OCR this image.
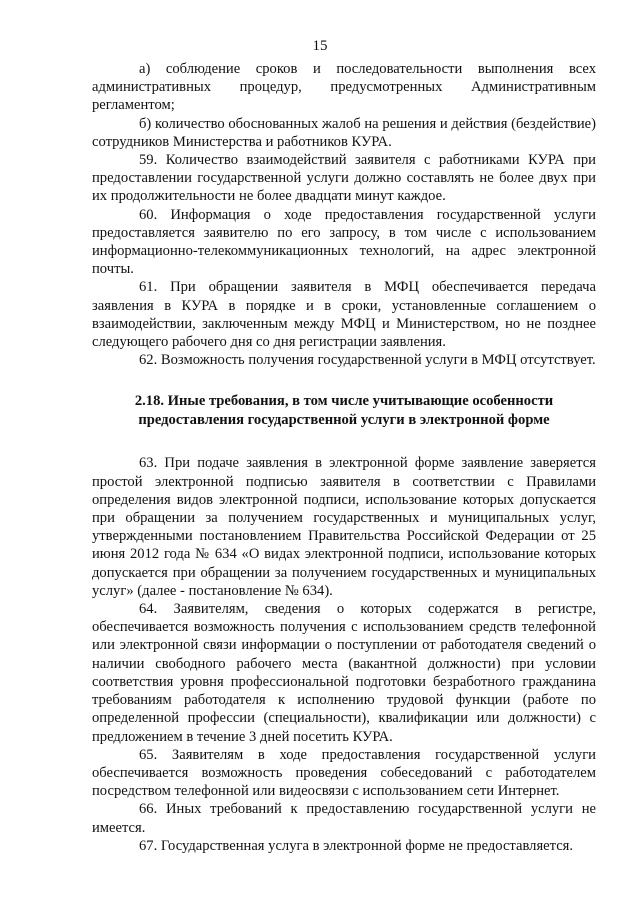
15

а) соблюдение сроков и последовательности выполнения всех административных процедур, предусмотренных Административным регламентом;

б) количество обоснованных жалоб на решения и действия (бездействие) сотрудников Министерства и работников КУРА.

59. Количество взаимодействий заявителя с работниками КУРА при предоставлении государственной услуги должно составлять не более двух при их продолжительности не более двадцати минут каждое.

60. Информация о ходе предоставления государственной услуги предоставляется заявителю по его запросу, в том числе с использованием информационно-телекоммуникационных технологий, на адрес электронной почты.

61. При обращении заявителя в МФЦ обеспечивается передача заявления в КУРА в порядке и в сроки, установленные соглашением о взаимодействии, заключенным между МФЦ и Министерством, но не позднее следующего рабочего дня со дня регистрации заявления.

62. Возможность получения государственной услуги в МФЦ отсутствует.

2.18. Иные требования, в том числе учитывающие особенности
предоставления государственной услуги в электронной форме

63. При подаче заявления в электронной форме заявление заверяется простой электронной подписью заявителя в соответствии с Правилами определения видов электронной подписи, использование которых допускается при обращении за получением государственных и муниципальных услуг, утвержденными постановлением Правительства Российской Федерации от 25 июня 2012 года № 634 «О видах электронной подписи, использование которых допускается при обращении за получением государственных и муниципальных услуг» (далее - постановление № 634).

64. Заявителям, сведения о которых содержатся в регистре, обеспечивается возможность получения с использованием средств телефонной или электронной связи информации о поступлении от работодателя сведений о наличии свободного рабочего места (вакантной должности) при условии соответствия уровня профессиональной подготовки безработного гражданина требованиям работодателя к исполнению трудовой функции (работе по определенной профессии (специальности), квалификации или должности) с предложением в течение 3 дней посетить КУРА.

65. Заявителям в ходе предоставления государственной услуги обеспечивается возможность проведения собеседований с работодателем посредством телефонной или видеосвязи с использованием сети Интернет.

66. Иных требований к предоставлению государственной услуги не имеется.

67. Государственная услуга в электронной форме не предоставляется.
